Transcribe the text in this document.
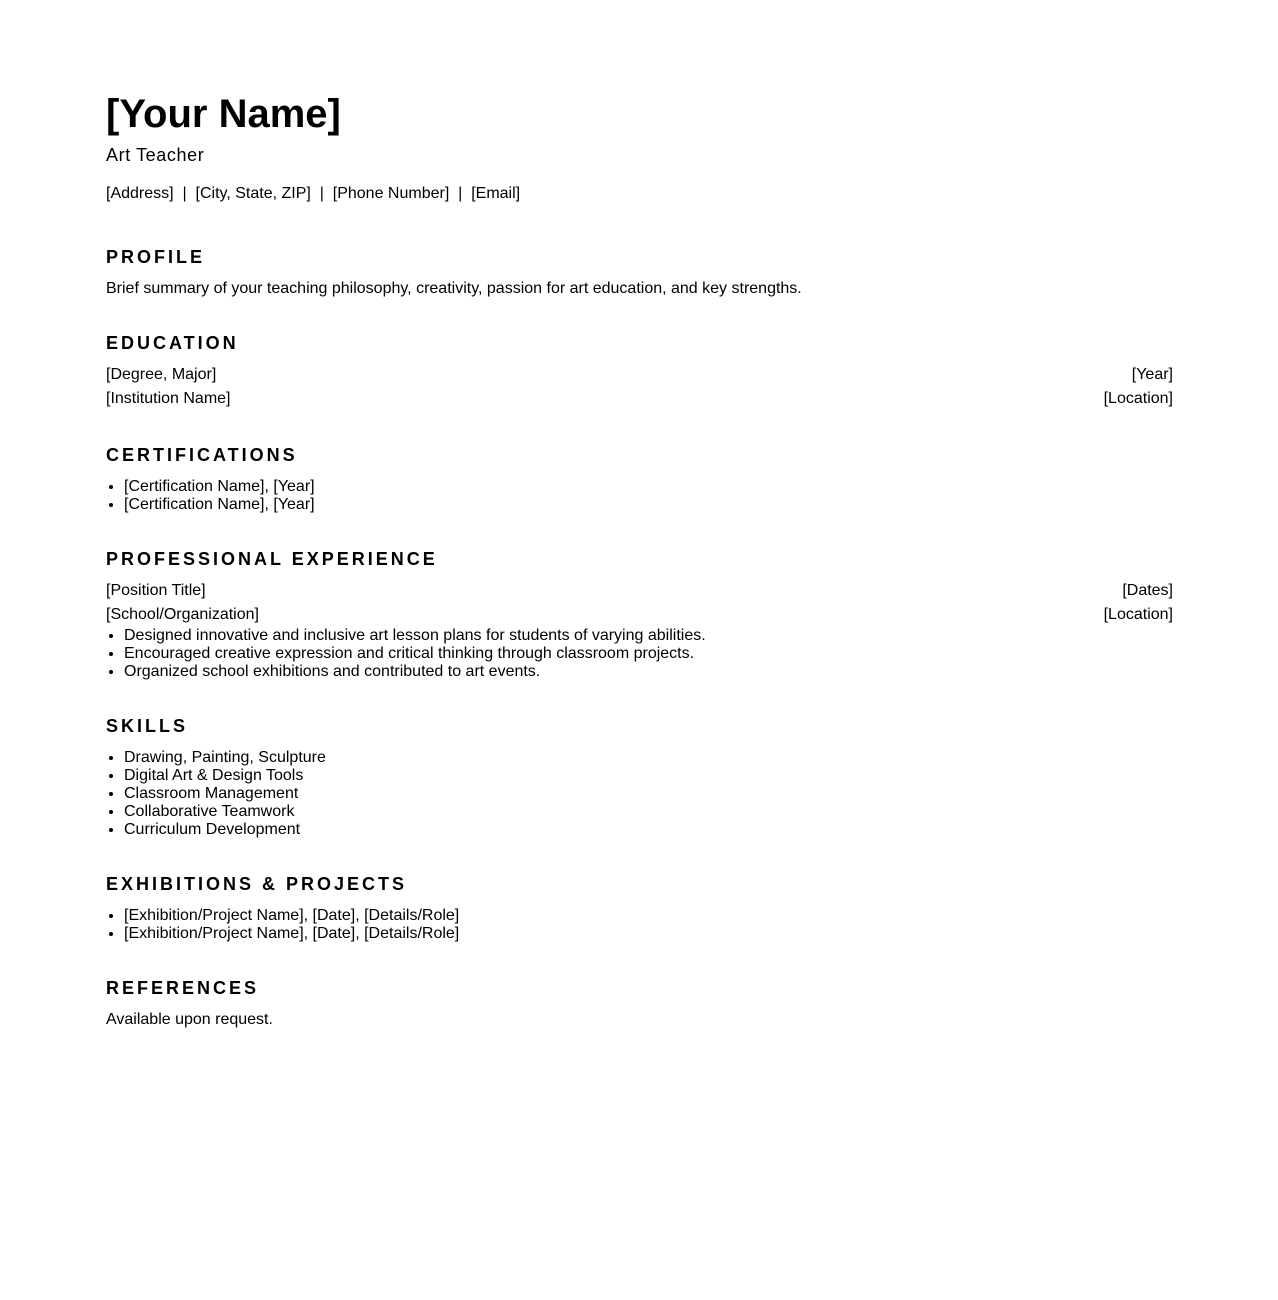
[Your Name]
Art Teacher
[Address]  |  [City, State, ZIP]  |  [Phone Number]  |  [Email]
PROFILE
Brief summary of your teaching philosophy, creativity, passion for art education, and key strengths.
EDUCATION
[Degree, Major]	[Year]
[Institution Name]	[Location]
CERTIFICATIONS
• [Certification Name], [Year]
• [Certification Name], [Year]
PROFESSIONAL EXPERIENCE
[Position Title]	[Dates]
[School/Organization]	[Location]
• Designed innovative and inclusive art lesson plans for students of varying abilities.
• Encouraged creative expression and critical thinking through classroom projects.
• Organized school exhibitions and contributed to art events.
SKILLS
• Drawing, Painting, Sculpture
• Digital Art & Design Tools
• Classroom Management
• Collaborative Teamwork
• Curriculum Development
EXHIBITIONS & PROJECTS
• [Exhibition/Project Name], [Date], [Details/Role]
• [Exhibition/Project Name], [Date], [Details/Role]
REFERENCES
Available upon request.
